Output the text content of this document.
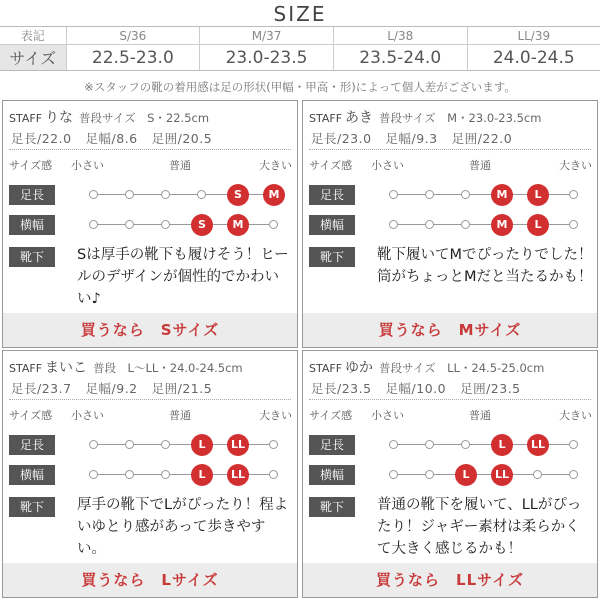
SIZE
表記	S/36	M/37	L/38	LL/39
サイズ	22.5-23.0	23.0-23.5	23.5-24.0	24.0-24.5
※スタッフの靴の着用感は足の形状(甲幅・甲高・形)によって個人差がございます。
STAFF りな 普段サイズ　S・22.5cm
足長/22.0 足幅/8.6 足囲/20.5
サイズ感 小さい	普通	大きい
足長	S	M
横幅	S	M
靴下	Sは厚手の靴下も履けそう！ヒールのデザインが個性的でかわいい♪
買うなら　Sサイズ
STAFF あき 普段サイズ　M・23.0-23.5cm
足長/23.0 足幅/9.3 足囲/22.0
サイズ感 小さい	普通	大きい
足長	M	L
横幅	M	L
靴下	靴下履いてMでぴったりでした！筒がちょっとMだと当たるかも！
買うなら　Mサイズ
STAFF まいこ 普段　L〜LL・24.0-24.5cm
足長/23.7 足幅/9.2 足囲/21.5
サイズ感 小さい	普通	大きい
足長	L	LL
横幅	L	LL
靴下	厚手の靴下でLがぴったり！程よいゆとり感があって歩きやすい。
買うなら　Lサイズ
STAFF ゆか 普段サイズ　LL・24.5-25.0cm
足長/23.5 足幅/10.0 足囲/23.5
サイズ感 小さい	普通	大きい
足長	L	LL
横幅	L	LL
靴下	普通の靴下を履いて、LLがぴったり！ジャギー素材は柔らかくて大きく感じるかも！
買うなら　LLサイズ
